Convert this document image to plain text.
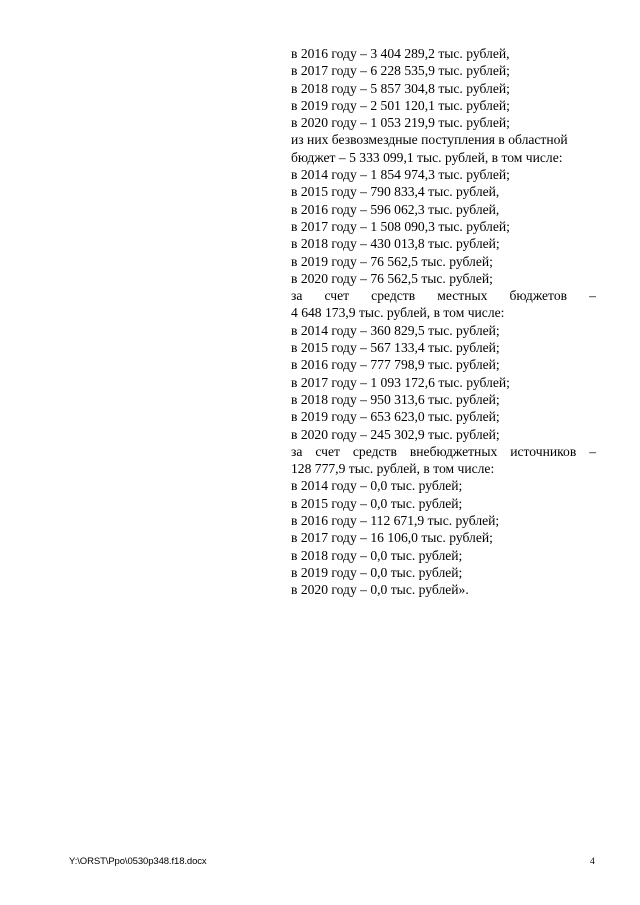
в 2016 году – 3 404 289,2 тыс. рублей,
в 2017 году – 6 228 535,9 тыс. рублей;
в 2018 году – 5 857 304,8 тыс. рублей;
в 2019 году – 2 501 120,1 тыс. рублей;
в 2020 году – 1 053 219,9 тыс. рублей;
из них безвозмездные поступления в областной
бюджет – 5 333 099,1 тыс. рублей, в том числе:
в 2014 году – 1 854 974,3 тыс. рублей;
в 2015 году – 790 833,4 тыс. рублей,
в 2016 году – 596 062,3 тыс. рублей,
в 2017 году – 1 508 090,3 тыс. рублей;
в 2018 году – 430 013,8 тыс. рублей;
в 2019 году – 76 562,5 тыс. рублей;
в 2020 году – 76 562,5 тыс. рублей;
за счет средств местных бюджетов –
4 648 173,9 тыс. рублей, в том числе:
в 2014 году – 360 829,5 тыс. рублей;
в 2015 году – 567 133,4 тыс. рублей;
в 2016 году – 777 798,9 тыс. рублей;
в 2017 году – 1 093 172,6 тыс. рублей;
в 2018 году – 950 313,6 тыс. рублей;
в 2019 году – 653 623,0 тыс. рублей;
в 2020 году – 245 302,9 тыс. рублей;
за счет средств внебюджетных источников –
128 777,9 тыс. рублей, в том числе:
в 2014 году – 0,0 тыс. рублей;
в 2015 году – 0,0 тыс. рублей;
в 2016 году – 112 671,9 тыс. рублей;
в 2017 году – 16 106,0 тыс. рублей;
в 2018 году – 0,0 тыс. рублей;
в 2019 году – 0,0 тыс. рублей;
в 2020 году – 0,0 тыс. рублей».
Y:\ORST\Ppo\0530p348.f18.docx	4
